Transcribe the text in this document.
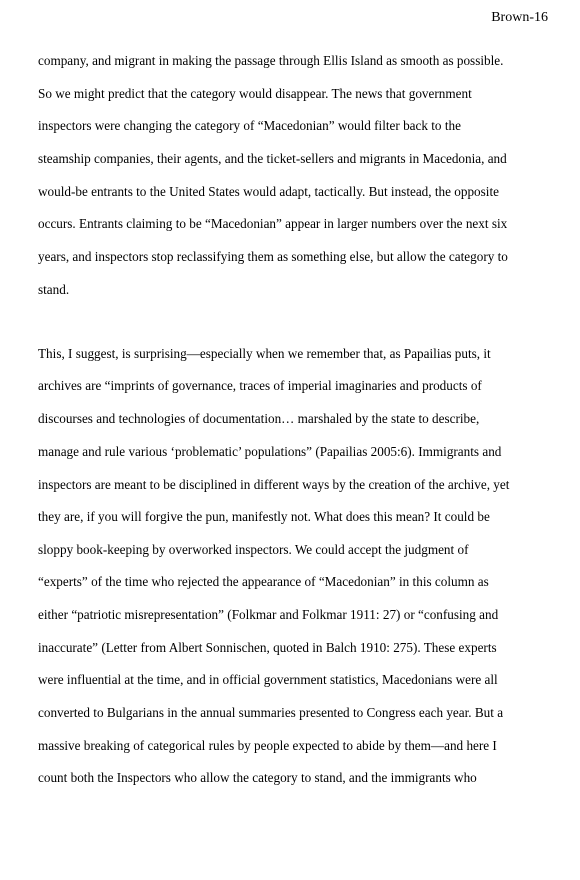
Brown-16
company, and migrant in making the passage through Ellis Island as smooth as possible.
So we might predict that the category would disappear. The news that government
inspectors were changing the category of “Macedonian” would filter back to the
steamship companies, their agents, and the ticket-sellers and migrants in Macedonia, and
would-be entrants to the United States would adapt, tactically. But instead, the opposite
occurs. Entrants claiming to be “Macedonian” appear in larger numbers over the next six
years, and inspectors stop reclassifying them as something else, but allow the category to
stand.
This, I suggest, is surprising—especially when we remember that, as Papailias puts, it
archives are “imprints of governance, traces of imperial imaginaries and products of
discourses and technologies of documentation… marshaled by the state to describe,
manage and rule various ‘problematic’ populations” (Papailias 2005:6). Immigrants and
inspectors are meant to be disciplined in different ways by the creation of the archive, yet
they are, if you will forgive the pun, manifestly not. What does this mean? It could be
sloppy book-keeping by overworked inspectors. We could accept the judgment of
“experts” of the time who rejected the appearance of “Macedonian” in this column as
either “patriotic misrepresentation” (Folkmar and Folkmar 1911: 27) or “confusing and
inaccurate” (Letter from Albert Sonnischen, quoted in Balch 1910: 275). These experts
were influential at the time, and in official government statistics, Macedonians were all
converted to Bulgarians in the annual summaries presented to Congress each year. But a
massive breaking of categorical rules by people expected to abide by them—and here I
count both the Inspectors who allow the category to stand, and the immigrants who
